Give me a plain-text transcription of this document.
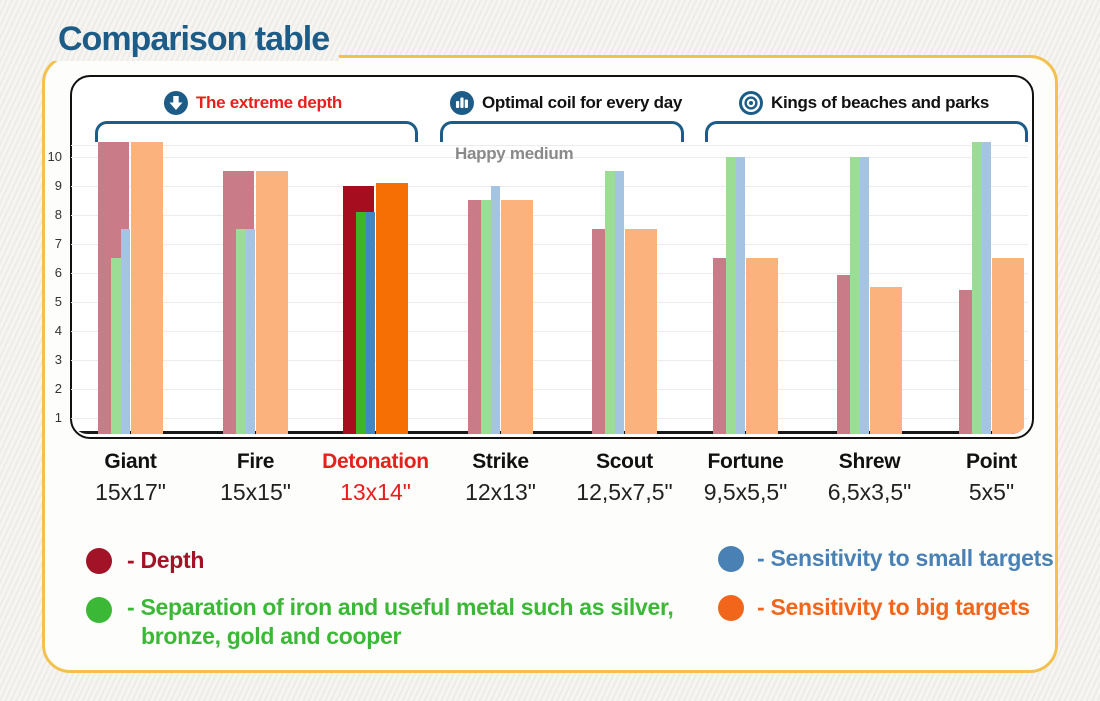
Comparison table
The extreme depth	Optimal coil for every day	Kings of beaches and parks
Happy medium
1
2
3
4
5
6
7
8
9
10
Giant
15x17"
Fire
15x15"
Detonation
13x14"
Strike
12x13"
Scout
12,5x7,5"
Fortune
9,5x5,5"
Shrew
6,5x3,5"
Point
5x5"
- Depth
- Separation of iron and useful metal such as silver,
bronze, gold and cooper
- Sensitivity to small targets
- Sensitivity to big targets
